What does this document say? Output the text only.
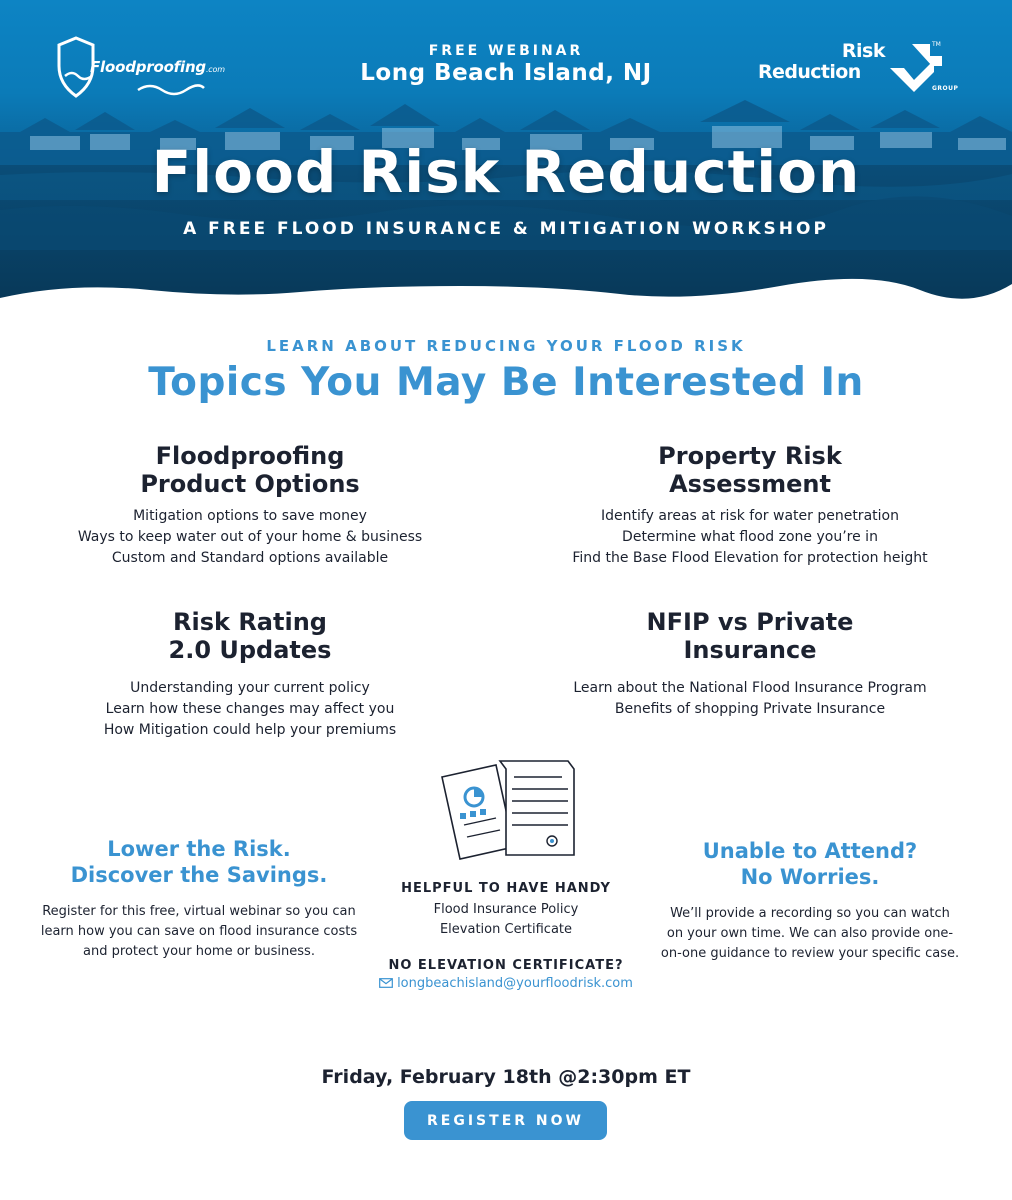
Floodproofing.com
FREE WEBINAR
Long Beach Island, NJ
Risk
Reduction
TM
GROUP
Flood Risk Reduction
A FREE FLOOD INSURANCE & MITIGATION WORKSHOP
LEARN ABOUT REDUCING YOUR FLOOD RISK
Topics You May Be Interested In
Floodproofing
Product Options
Mitigation options to save money
Ways to keep water out of your home & business
Custom and Standard options available
Property Risk
Assessment
Identify areas at risk for water penetration
Determine what flood zone you’re in
Find the Base Flood Elevation for protection height
Risk Rating
2.0 Updates
Understanding your current policy
Learn how these changes may affect you
How Mitigation could help your premiums
NFIP vs Private
Insurance
Learn about the National Flood Insurance Program
Benefits of shopping Private Insurance
Lower the Risk.
Discover the Savings.

Register for this free, virtual webinar so you can learn how you can save on flood insurance costs and protect your home or business.

HELPFUL TO HAVE HANDY
Flood Insurance Policy
Elevation Certificate
NO ELEVATION CERTIFICATE?
longbeachisland@yourfloodrisk.com
Unable to Attend?
No Worries.

We’ll provide a recording so you can watch on your own time. We can also provide one-on-one guidance to review your specific case.

Friday, February 18th @2:30pm ET
REGISTER NOW
